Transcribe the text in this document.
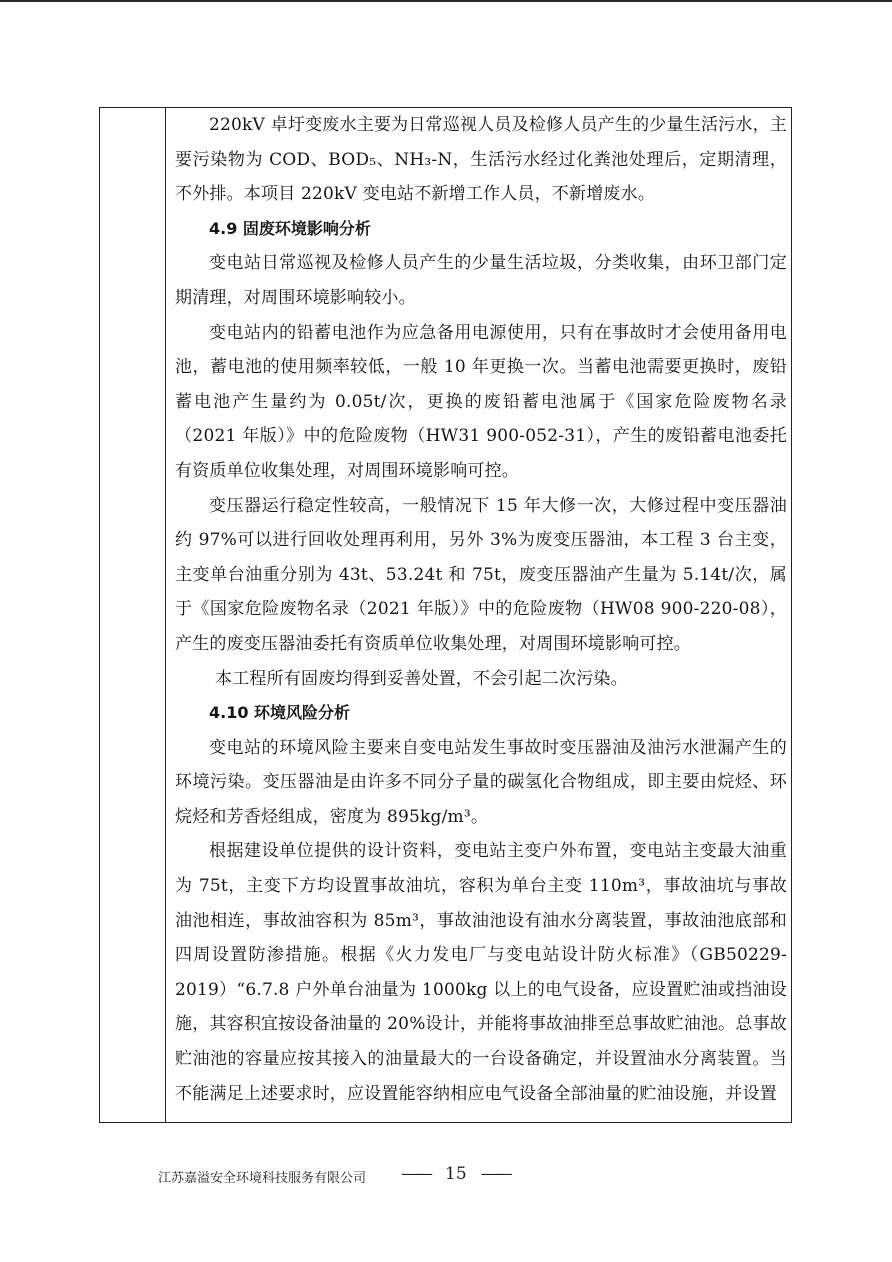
220kV 卓圩变废水主要为日常巡视人员及检修人员产生的少量生活污水，主要污染物为 COD、BOD₅、NH₃-N，生活污水经过化粪池处理后，定期清理，不外排。本项目 220kV 变电站不新增工作人员，不新增废水。

4.9 固废环境影响分析

变电站日常巡视及检修人员产生的少量生活垃圾，分类收集，由环卫部门定期清理，对周围环境影响较小。

变电站内的铅蓄电池作为应急备用电源使用，只有在事故时才会使用备用电池，蓄电池的使用频率较低，一般 10 年更换一次。当蓄电池需要更换时，废铅蓄电池产生量约为 0.05t/次，更换的废铅蓄电池属于《国家危险废物名录（2021 年版）》中的危险废物（HW31 900-052-31），产生的废铅蓄电池委托有资质单位收集处理，对周围环境影响可控。

变压器运行稳定性较高，一般情况下 15 年大修一次，大修过程中变压器油约 97%可以进行回收处理再利用，另外 3%为废变压器油，本工程 3 台主变，主变单台油重分别为 43t、53.24t 和 75t，废变压器油产生量为 5.14t/次，属于《国家危险废物名录（2021 年版）》中的危险废物（HW08 900-220-08），产生的废变压器油委托有资质单位收集处理，对周围环境影响可控。

本工程所有固废均得到妥善处置，不会引起二次污染。

4.10 环境风险分析

变电站的环境风险主要来自变电站发生事故时变压器油及油污水泄漏产生的环境污染。变压器油是由许多不同分子量的碳氢化合物组成，即主要由烷烃、环烷烃和芳香烃组成，密度为 895kg/m³。

根据建设单位提供的设计资料，变电站主变户外布置，变电站主变最大油重为 75t，主变下方均设置事故油坑，容积为单台主变 110m³，事故油坑与事故油池相连，事故油容积为 85m³，事故油池设有油水分离装置，事故油池底部和四周设置防渗措施。根据《火力发电厂与变电站设计防火标准》（GB50229-2019）“6.7.8 户外单台油量为 1000kg 以上的电气设备，应设置贮油或挡油设施，其容积宜按设备油量的 20%设计，并能将事故油排至总事故贮油池。总事故贮油池的容量应按其接入的油量最大的一台设备确定，并设置油水分离装置。当不能满足上述要求时，应设置能容纳相应电气设备全部油量的贮油设施，并设置

江苏嘉溢安全环境科技服务有限公司 —— 15 ——
